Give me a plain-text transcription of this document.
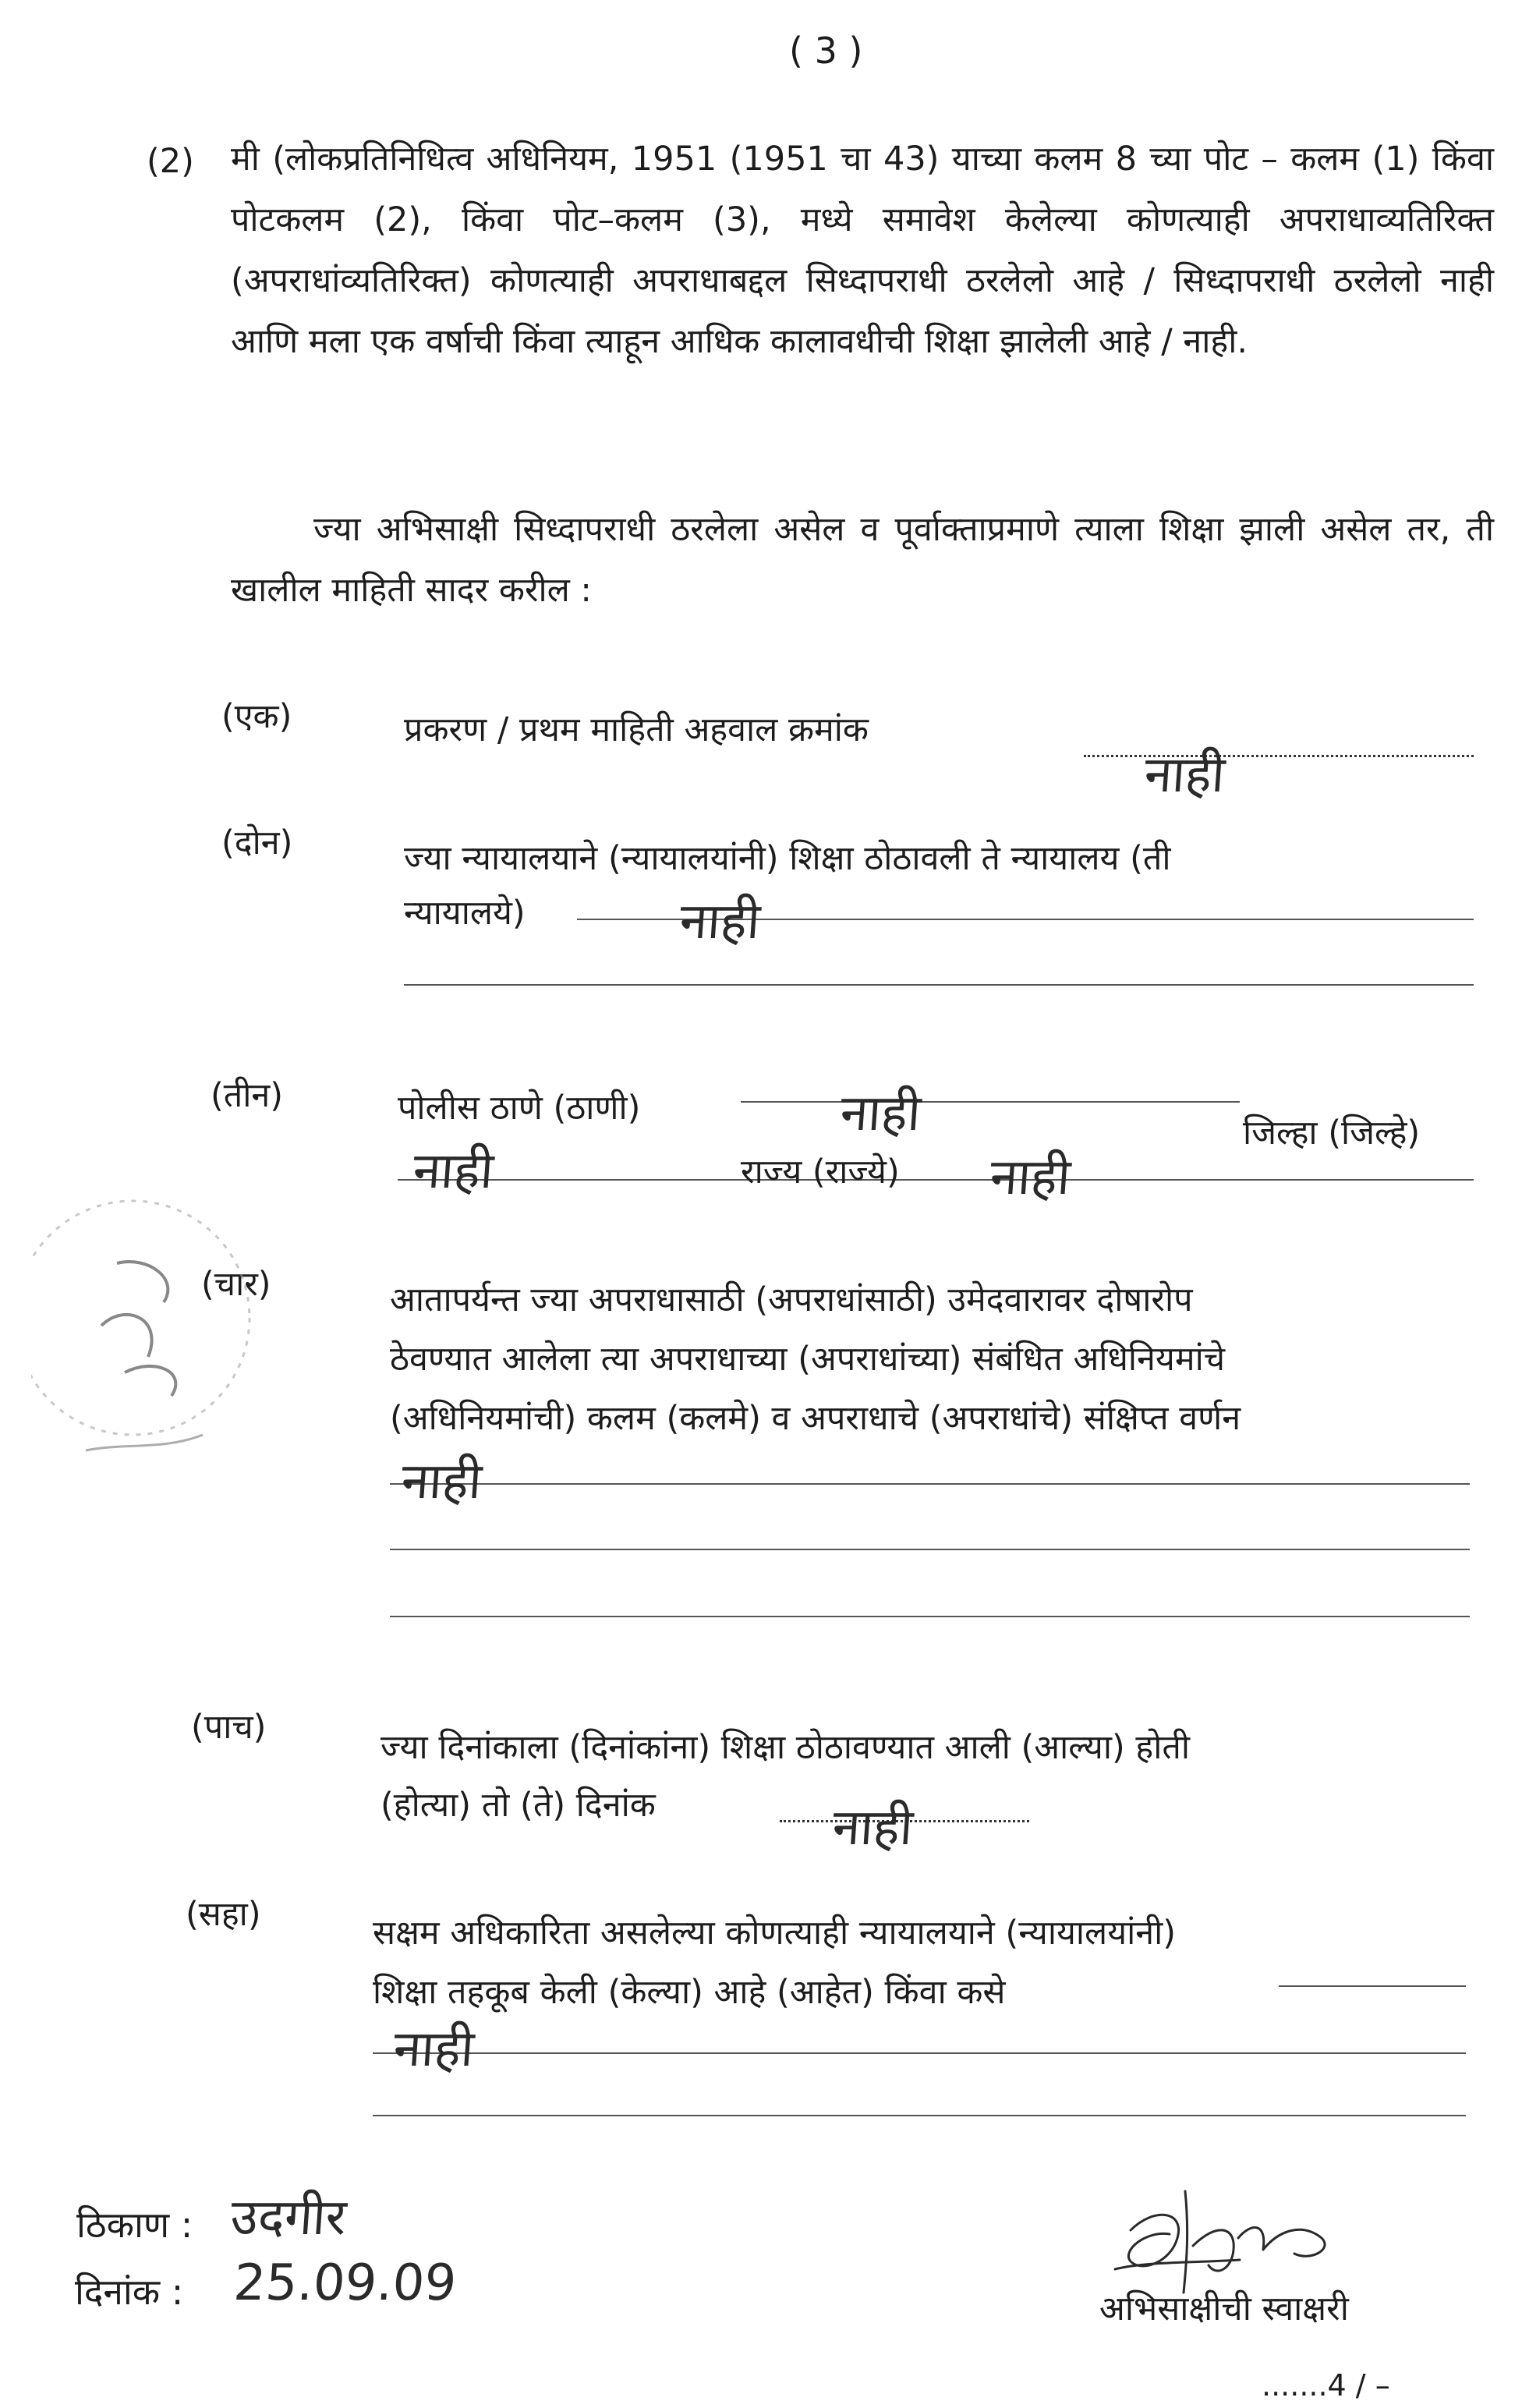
( 3 )
(2) मी (लोकप्रतिनिधित्व अधिनियम, 1951 (1951 चा 43) याच्या कलम 8 च्या पोट – कलम (1) किंवा पोटकलम (2), किंवा पोट–कलम (3), मध्ये समावेश केलेल्या कोणत्याही अपराधाव्यतिरिक्त (अपराधांव्यतिरिक्त) कोणत्याही अपराधाबद्दल सिध्दापराधी ठरलेलो आहे / सिध्दापराधी ठरलेलो नाही आणि मला एक वर्षाची किंवा त्याहून आधिक कालावधीची शिक्षा झालेली आहे / नाही.
ज्या अभिसाक्षी सिध्दापराधी ठरलेला असेल व पूर्वाक्ताप्रमाणे त्याला शिक्षा झाली असेल तर, ती खालील माहिती सादर करील :
(एक)	प्रकरण / प्रथम माहिती अहवाल क्रमांक
नाही
(दोन)	ज्या न्यायालयाने (न्यायालयांनी) शिक्षा ठोठावली ते न्यायालय (ती
न्यायालये)	नाही
(तीन)	पोलीस ठाणे (ठाणी)	नाही	जिल्हा (जिल्हे)
नाही	राज्य (राज्ये) नाही
(चार)	आतापर्यन्त ज्या अपराधासाठी (अपराधांसाठी) उमेदवारावर दोषारोप
ठेवण्यात आलेला त्या अपराधाच्या (अपराधांच्या) संबंधित अधिनियमांचे
(अधिनियमांची) कलम (कलमे) व अपराधाचे (अपराधांचे) संक्षिप्त वर्णन
नाही
(पाच)
ज्या दिनांकाला (दिनांकांना) शिक्षा ठोठावण्यात आली (आल्या) होती
(होत्या) तो (ते) दिनांक	नाही
(सहा)	सक्षम अधिकारिता असलेल्या कोणत्याही न्यायालयाने (न्यायालयांनी)
शिक्षा तहकूब केली (केल्या) आहे (आहेत) किंवा कसे
नाही
ठिकाण : उदगीर
दिनांक : 25.09.09	अभिसाक्षीची स्वाक्षरी
.......4 / –
